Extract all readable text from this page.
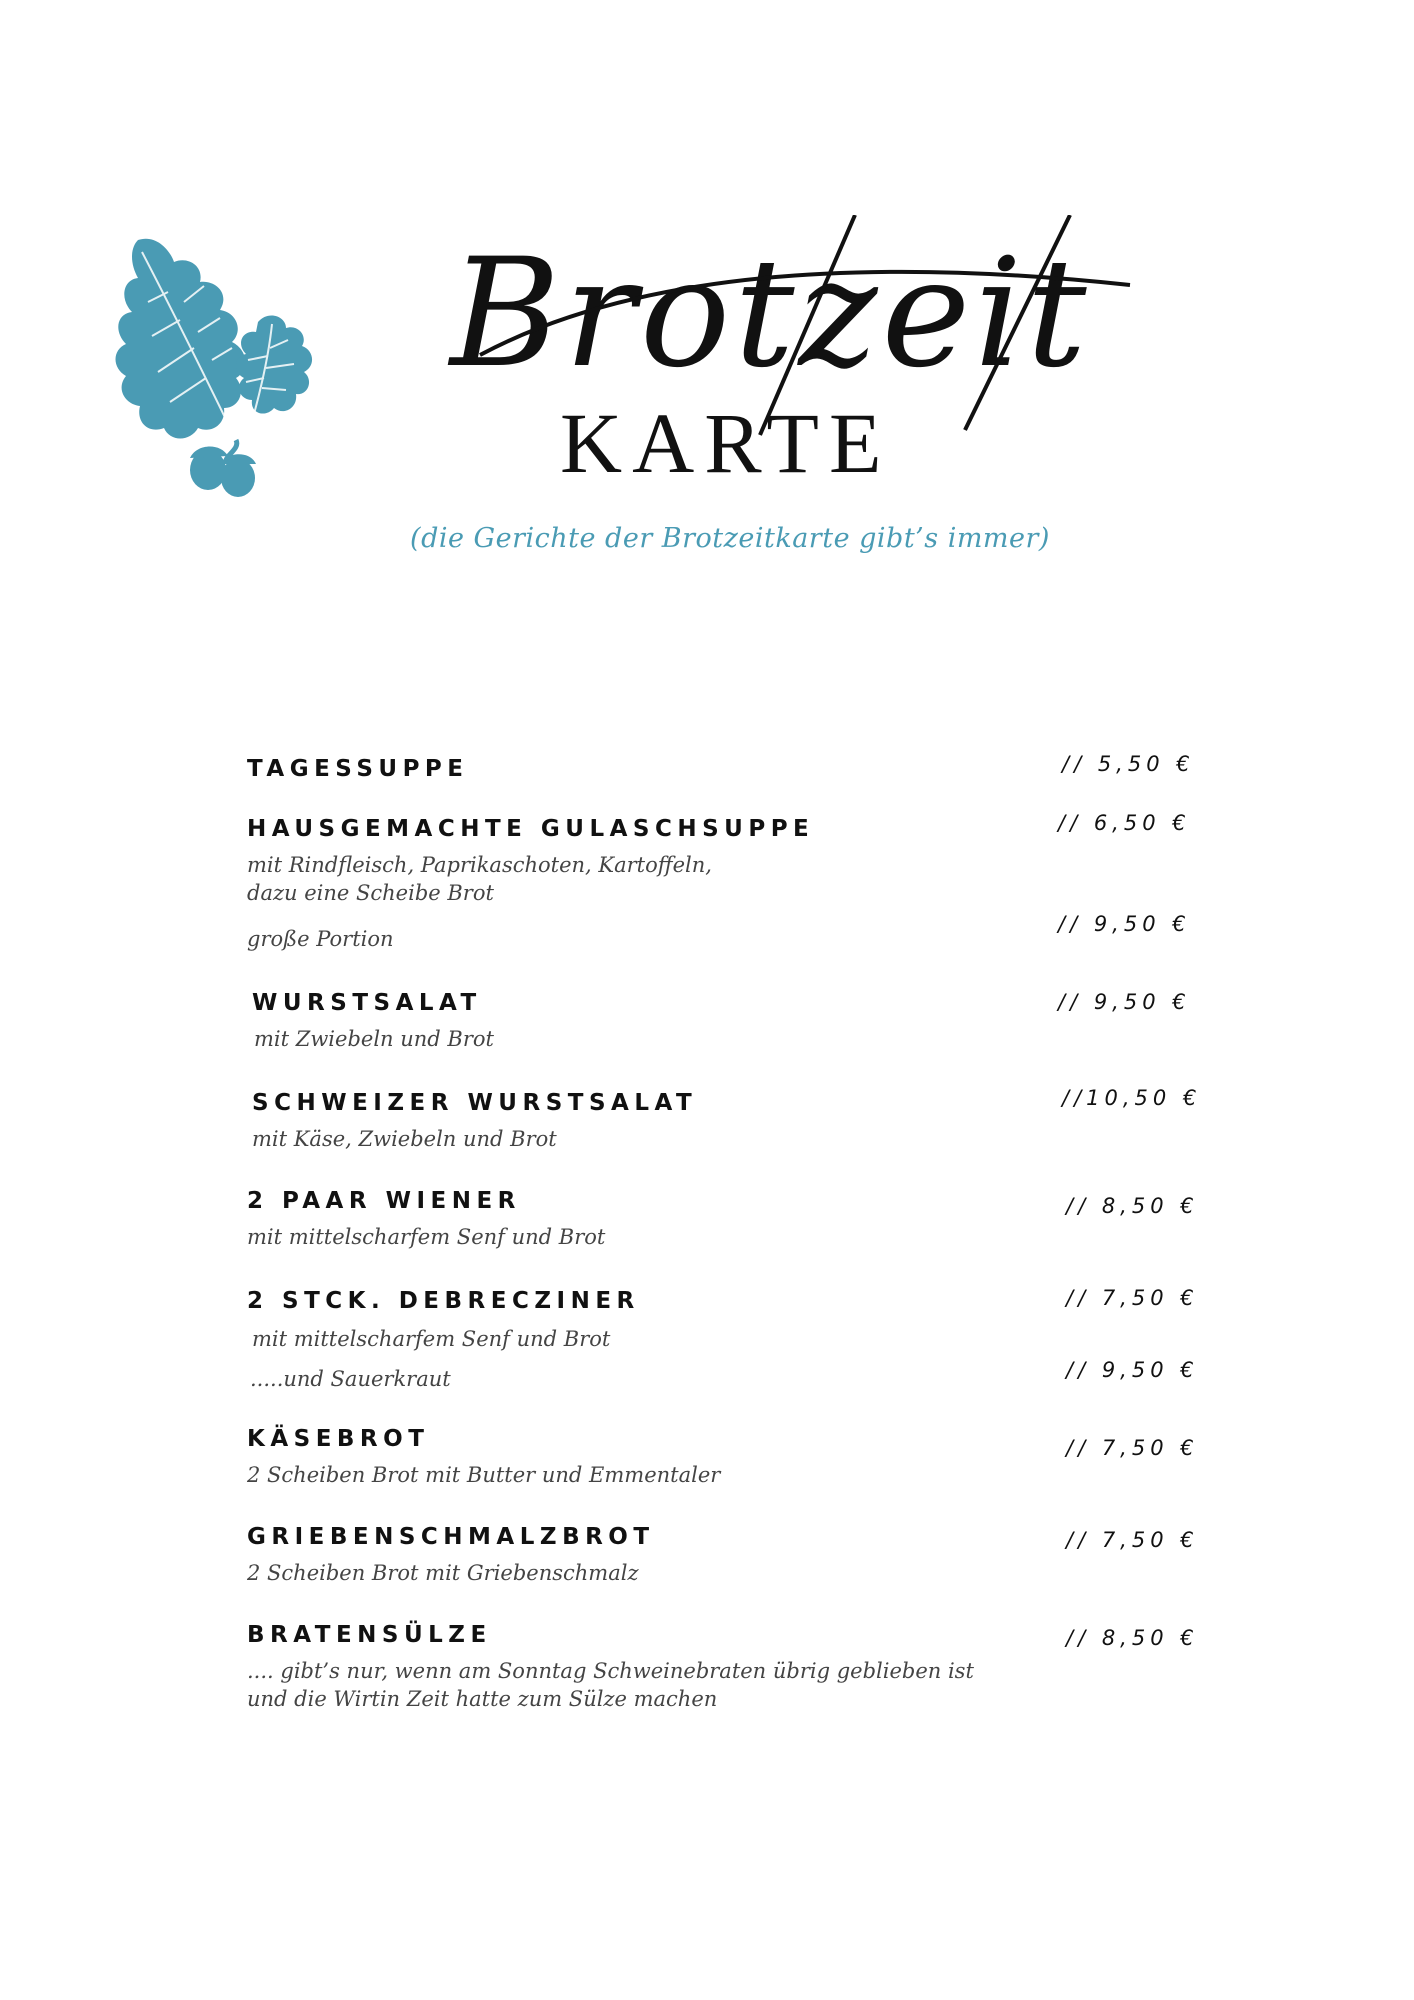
Brotzeit
KARTE
(die Gerichte der Brotzeitkarte gibt’s immer)
TAGESSUPPE	// 5,50 €
HAUSGEMACHTE GULASCHSUPPE	// 6,50 €
mit Rindfleisch, Paprikaschoten, Kartoffeln,
dazu eine Scheibe Brot
große Portion
// 9,50 €
WURSTSALAT	// 9,50 €
mit Zwiebeln und Brot
SCHWEIZER WURSTSALAT	//10,50 €
mit Käse, Zwiebeln und Brot
2 PAAR WIENER	// 8,50 €
mit mittelscharfem Senf und Brot
2 STCK. DEBRECZINER	// 7,50 €
mit mittelscharfem Senf und Brot
.....und Sauerkraut	// 9,50 €
KÄSEBROT	// 7,50 €
2 Scheiben Brot mit Butter und Emmentaler
GRIEBENSCHMALZBROT	// 7,50 €
2 Scheiben Brot mit Griebenschmalz
BRATENSÜLZE	// 8,50 €
.... gibt’s nur, wenn am Sonntag Schweinebraten übrig geblieben ist
und die Wirtin Zeit hatte zum Sülze machen
